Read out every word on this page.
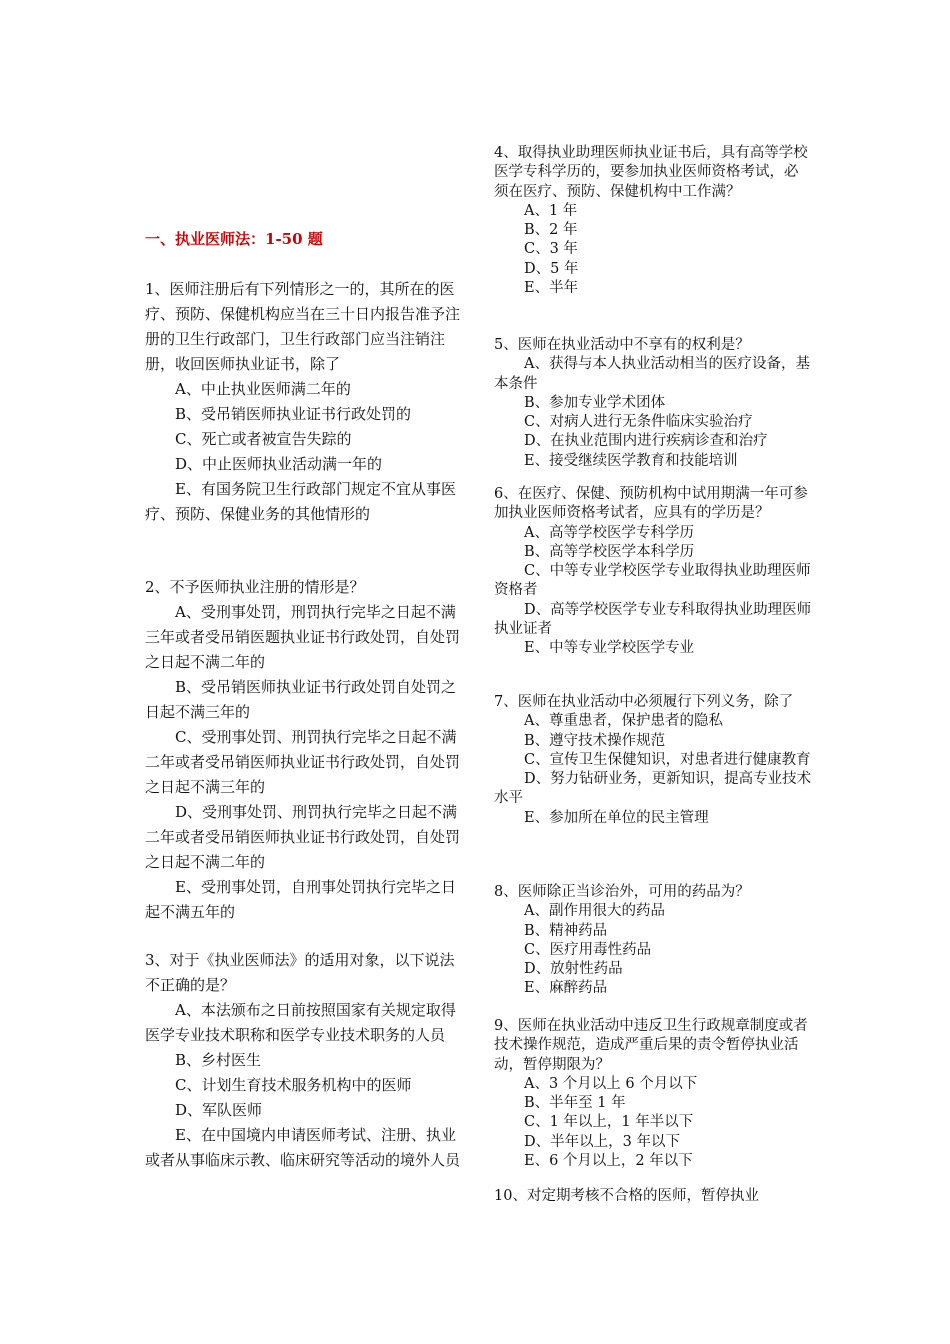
一、执业医师法：1-50 题

1、医师注册后有下列情形之一的，其所在的医疗、预防、保健机构应当在三十日内报告准予注册的卫生行政部门，卫生行政部门应当注销注册，收回医师执业证书，除了

A、中止执业医师满二年的

B、受吊销医师执业证书行政处罚的

C、死亡或者被宣告失踪的

D、中止医师执业活动满一年的

E、有国务院卫生行政部门规定不宜从事医疗、预防、保健业务的其他情形的

2、不予医师执业注册的情形是？

A、受刑事处罚，刑罚执行完毕之日起不满三年或者受吊销医题执业证书行政处罚，自处罚之日起不满二年的

B、受吊销医师执业证书行政处罚自处罚之日起不满三年的

C、受刑事处罚、刑罚执行完毕之日起不满二年或者受吊销医师执业证书行政处罚，自处罚之日起不满三年的

D、受刑事处罚、刑罚执行完毕之日起不满二年或者受吊销医师执业证书行政处罚，自处罚之日起不满二年的

E、受刑事处罚，自刑事处罚执行完毕之日起不满五年的

3、对于《执业医师法》的适用对象，以下说法不正确的是？

A、本法颁布之日前按照国家有关规定取得医学专业技术职称和医学专业技术职务的人员

B、乡村医生

C、计划生育技术服务机构中的医师

D、军队医师

E、在中国境内申请医师考试、注册、执业或者从事临床示教、临床研究等活动的境外人员

4、取得执业助理医师执业证书后，具有高等学校医学专科学历的，要参加执业医师资格考试，必须在医疗、预防、保健机构中工作满？

A、1 年

B、2 年

C、3 年

D、5 年

E、半年

5、医师在执业活动中不享有的权利是？

A、获得与本人执业活动相当的医疗设备，基本条件

B、参加专业学术团体

C、对病人进行无条件临床实验治疗

D、在执业范围内进行疾病诊查和治疗

E、接受继续医学教育和技能培训

6、在医疗、保健、预防机构中试用期满一年可参加执业医师资格考试者，应具有的学历是？

A、高等学校医学专科学历

B、高等学校医学本科学历

C、中等专业学校医学专业取得执业助理医师资格者

D、高等学校医学专业专科取得执业助理医师执业证者

E、中等专业学校医学专业

7、医师在执业活动中必须履行下列义务，除了

A、尊重患者，保护患者的隐私

B、遵守技术操作规范

C、宣传卫生保健知识，对患者进行健康教育

D、努力钻研业务，更新知识，提高专业技术水平

E、参加所在单位的民主管理

8、医师除正当诊治外，可用的药品为？

A、副作用很大的药品

B、精神药品

C、医疗用毒性药品

D、放射性药品

E、麻醉药品

9、医师在执业活动中违反卫生行政规章制度或者技术操作规范，造成严重后果的责令暂停执业活动，暂停期限为？

A、3 个月以上 6 个月以下

B、半年至 1 年

C、1 年以上，1 年半以下

D、半年以上，3 年以下

E、6 个月以上，2 年以下

10、对定期考核不合格的医师，暂停执业
